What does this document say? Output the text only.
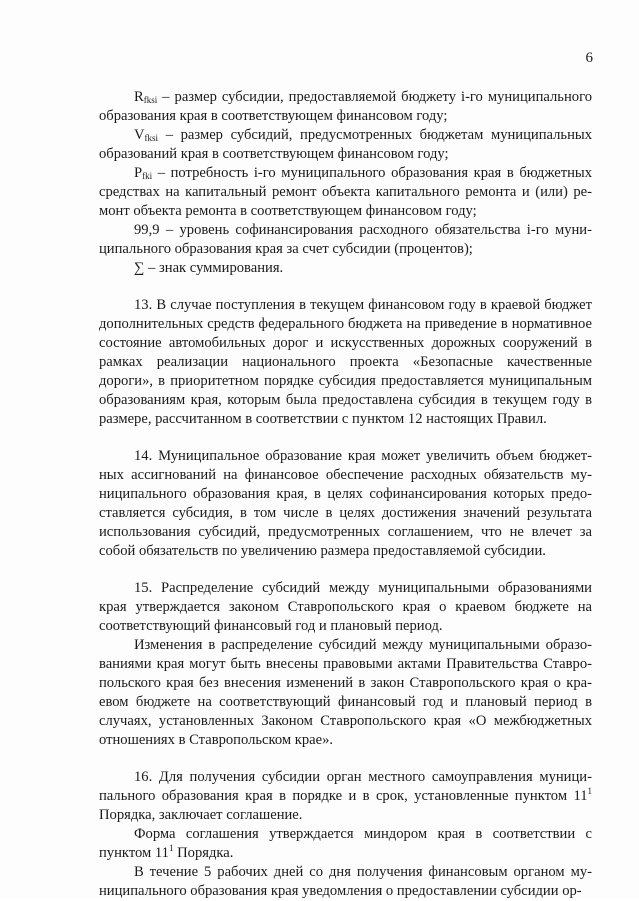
6

$R_{fksi}$ – размер субсидии, предоставляемой бюджету i-го муниципального образования края в соответствующем финансовом году;

$V_{fksi}$ – размер субсидий, предусмотренных бюджетам муниципальных образований края в соответствующем финансовом году;

$P_{fki}$ – потребность i-го муниципального образования края в бюджетных средствах на капитальный ремонт объекта капитального ремонта и (или) ремонт объекта ремонта в соответствующем финансовом году;

99,9 – уровень софинансирования расходного обязательства i-го муниципального образования края за счет субсидии (процентов);

∑ – знак суммирования.

13. В случае поступления в текущем финансовом году в краевой бюджет дополнительных средств федерального бюджета на приведение в нормативное состояние автомобильных дорог и искусственных дорожных сооружений в рамках реализации национального проекта «Безопасные качественные дороги», в приоритетном порядке субсидия предоставляется муниципальным образованиям края, которым была предоставлена субсидия в текущем году в размере, рассчитанном в соответствии с пунктом 12 настоящих Правил.

14. Муниципальное образование края может увеличить объем бюджетных ассигнований на финансовое обеспечение расходных обязательств муниципального образования края, в целях софинансирования которых предоставляется субсидия, в том числе в целях достижения значений результата использования субсидий, предусмотренных соглашением, что не влечет за собой обязательств по увеличению размера предоставляемой субсидии.

15. Распределение субсидий между муниципальными образованиями края утверждается законом Ставропольского края о краевом бюджете на соответствующий финансовый год и плановый период.

Изменения в распределение субсидий между муниципальными образованиями края могут быть внесены правовыми актами Правительства Ставропольского края без внесения изменений в закон Ставропольского края о краевом бюджете на соответствующий финансовый год и плановый период в случаях, установленных Законом Ставропольского края «О межбюджетных отношениях в Ставропольском крае».

16. Для получения субсидии орган местного самоуправления муниципального образования края в порядке и в срок, установленные пунктом $11^1$ Порядка, заключает соглашение.

Форма соглашения утверждается миндором края в соответствии с пунктом $11^1$ Порядка.

В течение 5 рабочих дней со дня получения финансовым органом муниципального образования края уведомления о предоставлении субсидии ор-
